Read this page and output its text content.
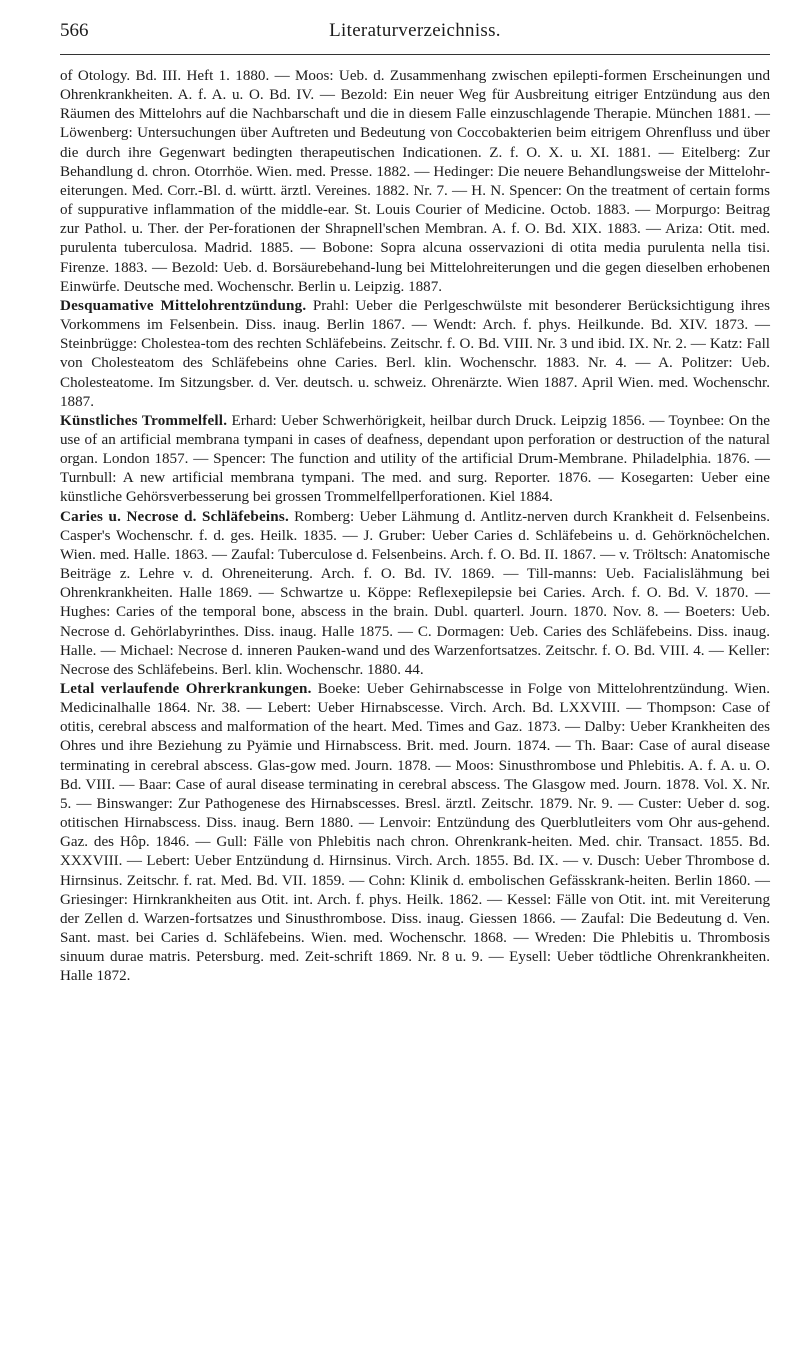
566	Literaturverzeichniss.

of Otology. Bd. III. Heft 1. 1880. — Moos: Ueb. d. Zusammenhang zwischen epilepti-formen Erscheinungen und Ohrenkrankheiten. A. f. A. u. O. Bd. IV. — Bezold: Ein neuer Weg für Ausbreitung eitriger Entzündung aus den Räumen des Mittelohrs auf die Nachbarschaft und die in diesem Falle einzuschlagende Therapie. München 1881. — Löwenberg: Untersuchungen über Auftreten und Bedeutung von Coccobakterien beim eitrigem Ohrenfluss und über die durch ihre Gegenwart bedingten therapeutischen Indicationen. Z. f. O. X. u. XI. 1881. — Eitelberg: Zur Behandlung d. chron. Otorrhöe. Wien. med. Presse. 1882. — Hedinger: Die neuere Behandlungsweise der Mittelohr-eiterungen. Med. Corr.-Bl. d. württ. ärztl. Vereines. 1882. Nr. 7. — H. N. Spencer: On the treatment of certain forms of suppurative inflammation of the middle-ear. St. Louis Courier of Medicine. Octob. 1883. — Morpurgo: Beitrag zur Pathol. u. Ther. der Per-forationen der Shrapnell'schen Membran. A. f. O. Bd. XIX. 1883. — Ariza: Otit. med. purulenta tuberculosa. Madrid. 1885. — Bobone: Sopra alcuna osservazioni di otita media purulenta nella tisi. Firenze. 1883. — Bezold: Ueb. d. Borsäurebehand-lung bei Mittelohreiterungen und die gegen dieselben erhobenen Einwürfe. Deutsche med. Wochenschr. Berlin u. Leipzig. 1887.

Desquamative Mittelohrentzündung. Prahl: Ueber die Perlgeschwülste mit besonderer Berücksichtigung ihres Vorkommens im Felsenbein. Diss. inaug. Berlin 1867. — Wendt: Arch. f. phys. Heilkunde. Bd. XIV. 1873. — Steinbrügge: Cholestea-tom des rechten Schläfebeins. Zeitschr. f. O. Bd. VIII. Nr. 3 und ibid. IX. Nr. 2. — Katz: Fall von Cholesteatom des Schläfebeins ohne Caries. Berl. klin. Wochenschr. 1883. Nr. 4. — A. Politzer: Ueb. Cholesteatome. Im Sitzungsber. d. Ver. deutsch. u. schweiz. Ohrenärzte. Wien 1887. April Wien. med. Wochenschr. 1887.

Künstliches Trommelfell. Erhard: Ueber Schwerhörigkeit, heilbar durch Druck. Leipzig 1856. — Toynbee: On the use of an artificial membrana tympani in cases of deafness, dependant upon perforation or destruction of the natural organ. London 1857. — Spencer: The function and utility of the artificial Drum-Membrane. Philadelphia. 1876. — Turnbull: A new artificial membrana tympani. The med. and surg. Reporter. 1876. — Kosegarten: Ueber eine künstliche Gehörsverbesserung bei grossen Trommelfellperforationen. Kiel 1884.

Caries u. Necrose d. Schläfebeins. Romberg: Ueber Lähmung d. Antlitz-nerven durch Krankheit d. Felsenbeins. Casper's Wochenschr. f. d. ges. Heilk. 1835. — J. Gruber: Ueber Caries d. Schläfebeins u. d. Gehörknöchelchen. Wien. med. Halle. 1863. — Zaufal: Tuberculose d. Felsenbeins. Arch. f. O. Bd. II. 1867. — v. Tröltsch: Anatomische Beiträge z. Lehre v. d. Ohreneiterung. Arch. f. O. Bd. IV. 1869. — Till-manns: Ueb. Facialislähmung bei Ohrenkrankheiten. Halle 1869. — Schwartze u. Köppe: Reflexepilepsie bei Caries. Arch. f. O. Bd. V. 1870. — Hughes: Caries of the temporal bone, abscess in the brain. Dubl. quarterl. Journ. 1870. Nov. 8. — Boeters: Ueb. Necrose d. Gehörlabyrinthes. Diss. inaug. Halle 1875. — C. Dormagen: Ueb. Caries des Schläfebeins. Diss. inaug. Halle. — Michael: Necrose d. inneren Pauken-wand und des Warzenfortsatzes. Zeitschr. f. O. Bd. VIII. 4. — Keller: Necrose des Schläfebeins. Berl. klin. Wochenschr. 1880. 44.

Letal verlaufende Ohrerkrankungen. Boeke: Ueber Gehirnabscesse in Folge von Mittelohrentzündung. Wien. Medicinalhalle 1864. Nr. 38. — Lebert: Ueber Hirnabscesse. Virch. Arch. Bd. LXXVIII. — Thompson: Case of otitis, cerebral abscess and malformation of the heart. Med. Times and Gaz. 1873. — Dalby: Ueber Krankheiten des Ohres und ihre Beziehung zu Pyämie und Hirnabscess. Brit. med. Journ. 1874. — Th. Baar: Case of aural disease terminating in cerebral abscess. Glas-gow med. Journ. 1878. — Moos: Sinusthrombose und Phlebitis. A. f. A. u. O. Bd. VIII. — Baar: Case of aural disease terminating in cerebral abscess. The Glasgow med. Journ. 1878. Vol. X. Nr. 5. — Binswanger: Zur Pathogenese des Hirnabscesses. Bresl. ärztl. Zeitschr. 1879. Nr. 9. — Custer: Ueber d. sog. otitischen Hirnabscess. Diss. inaug. Bern 1880. — Lenvoir: Entzündung des Querblutleiters vom Ohr aus-gehend. Gaz. des Hôp. 1846. — Gull: Fälle von Phlebitis nach chron. Ohrenkrank-heiten. Med. chir. Transact. 1855. Bd. XXXVIII. — Lebert: Ueber Entzündung d. Hirnsinus. Virch. Arch. 1855. Bd. IX. — v. Dusch: Ueber Thrombose d. Hirnsinus. Zeitschr. f. rat. Med. Bd. VII. 1859. — Cohn: Klinik d. embolischen Gefässkrank-heiten. Berlin 1860. — Griesinger: Hirnkrankheiten aus Otit. int. Arch. f. phys. Heilk. 1862. — Kessel: Fälle von Otit. int. mit Vereiterung der Zellen d. Warzen-fortsatzes und Sinusthrombose. Diss. inaug. Giessen 1866. — Zaufal: Die Bedeutung d. Ven. Sant. mast. bei Caries d. Schläfebeins. Wien. med. Wochenschr. 1868. — Wreden: Die Phlebitis u. Thrombosis sinuum durae matris. Petersburg. med. Zeit-schrift 1869. Nr. 8 u. 9. — Eysell: Ueber tödtliche Ohrenkrankheiten. Halle 1872.
